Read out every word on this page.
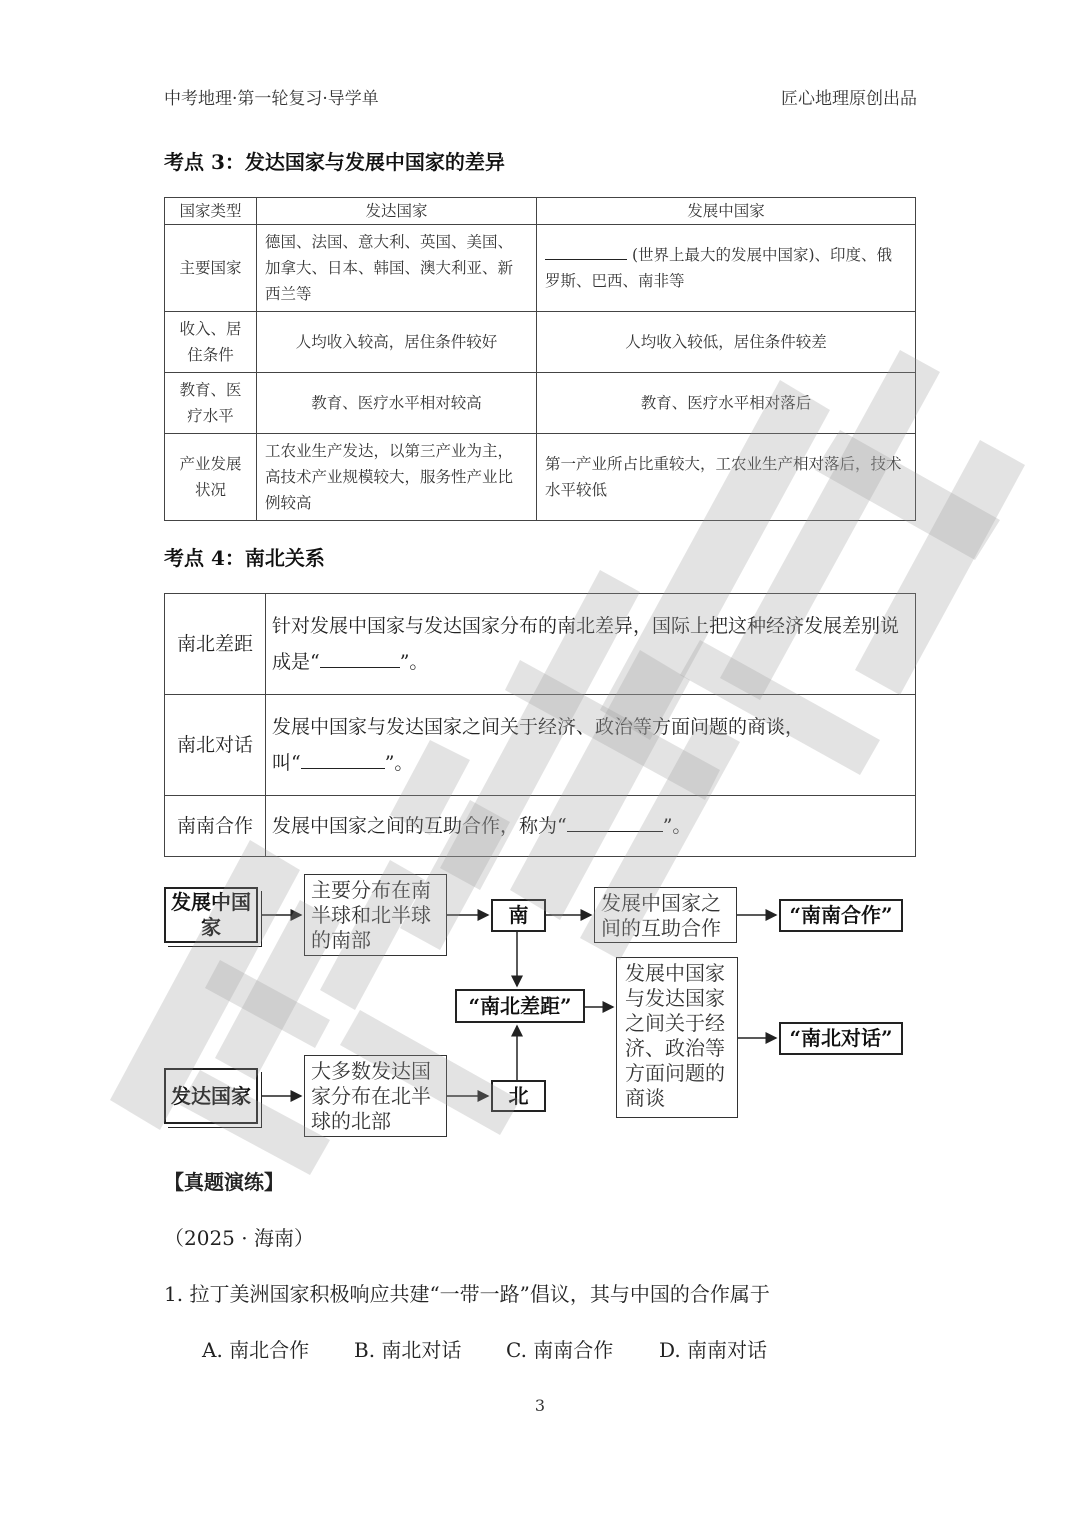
中考地理·第一轮复习·导学单	匠心地理原创出品
考点 3：发达国家与发展中国家的差异
国家类型	发达国家	发展中国家
主要国家	德国、法国、意大利、英国、美国、加拿大、日本、韩国、澳大利亚、新西兰等	(世界上最大的发展中国家)、印度、俄罗斯、巴西、南非等
收入、居住条件	人均收入较高，居住条件较好	人均收入较低，居住条件较差
教育、医疗水平	教育、医疗水平相对较高	教育、医疗水平相对落后
产业发展状况	工农业生产发达，以第三产业为主，高技术产业规模较大，服务性产业比例较高	第一产业所占比重较大，工农业生产相对落后，技术水平较低
考点 4：南北关系
南北差距	针对发展中国家与发达国家分布的南北差异，国际上把这种经济发展差别说成是“ ”。
南北对话	发展中国家与发达国家之间关于经济、政治等方面问题的商谈，
叫“ ”。
南南合作	发展中国家之间的互助合作，称为“ ”。
发展中国家
主要分布在南半球和北半球的南部
南	发展中国家之间的互助合作
“南南合作”
“南北差距”
发展中国家与发达国家之间关于经济、政治等方面问题的商谈
“南北对话”
发达国家
大多数发达国家分布在北半球的北部
北
【真题演练】
（2025 · 海南）
1. 拉丁美洲国家积极响应共建“一带一路”倡议，其与中国的合作属于
A. 南北合作 B. 南北对话 C. 南南合作 D. 南南对话
3
